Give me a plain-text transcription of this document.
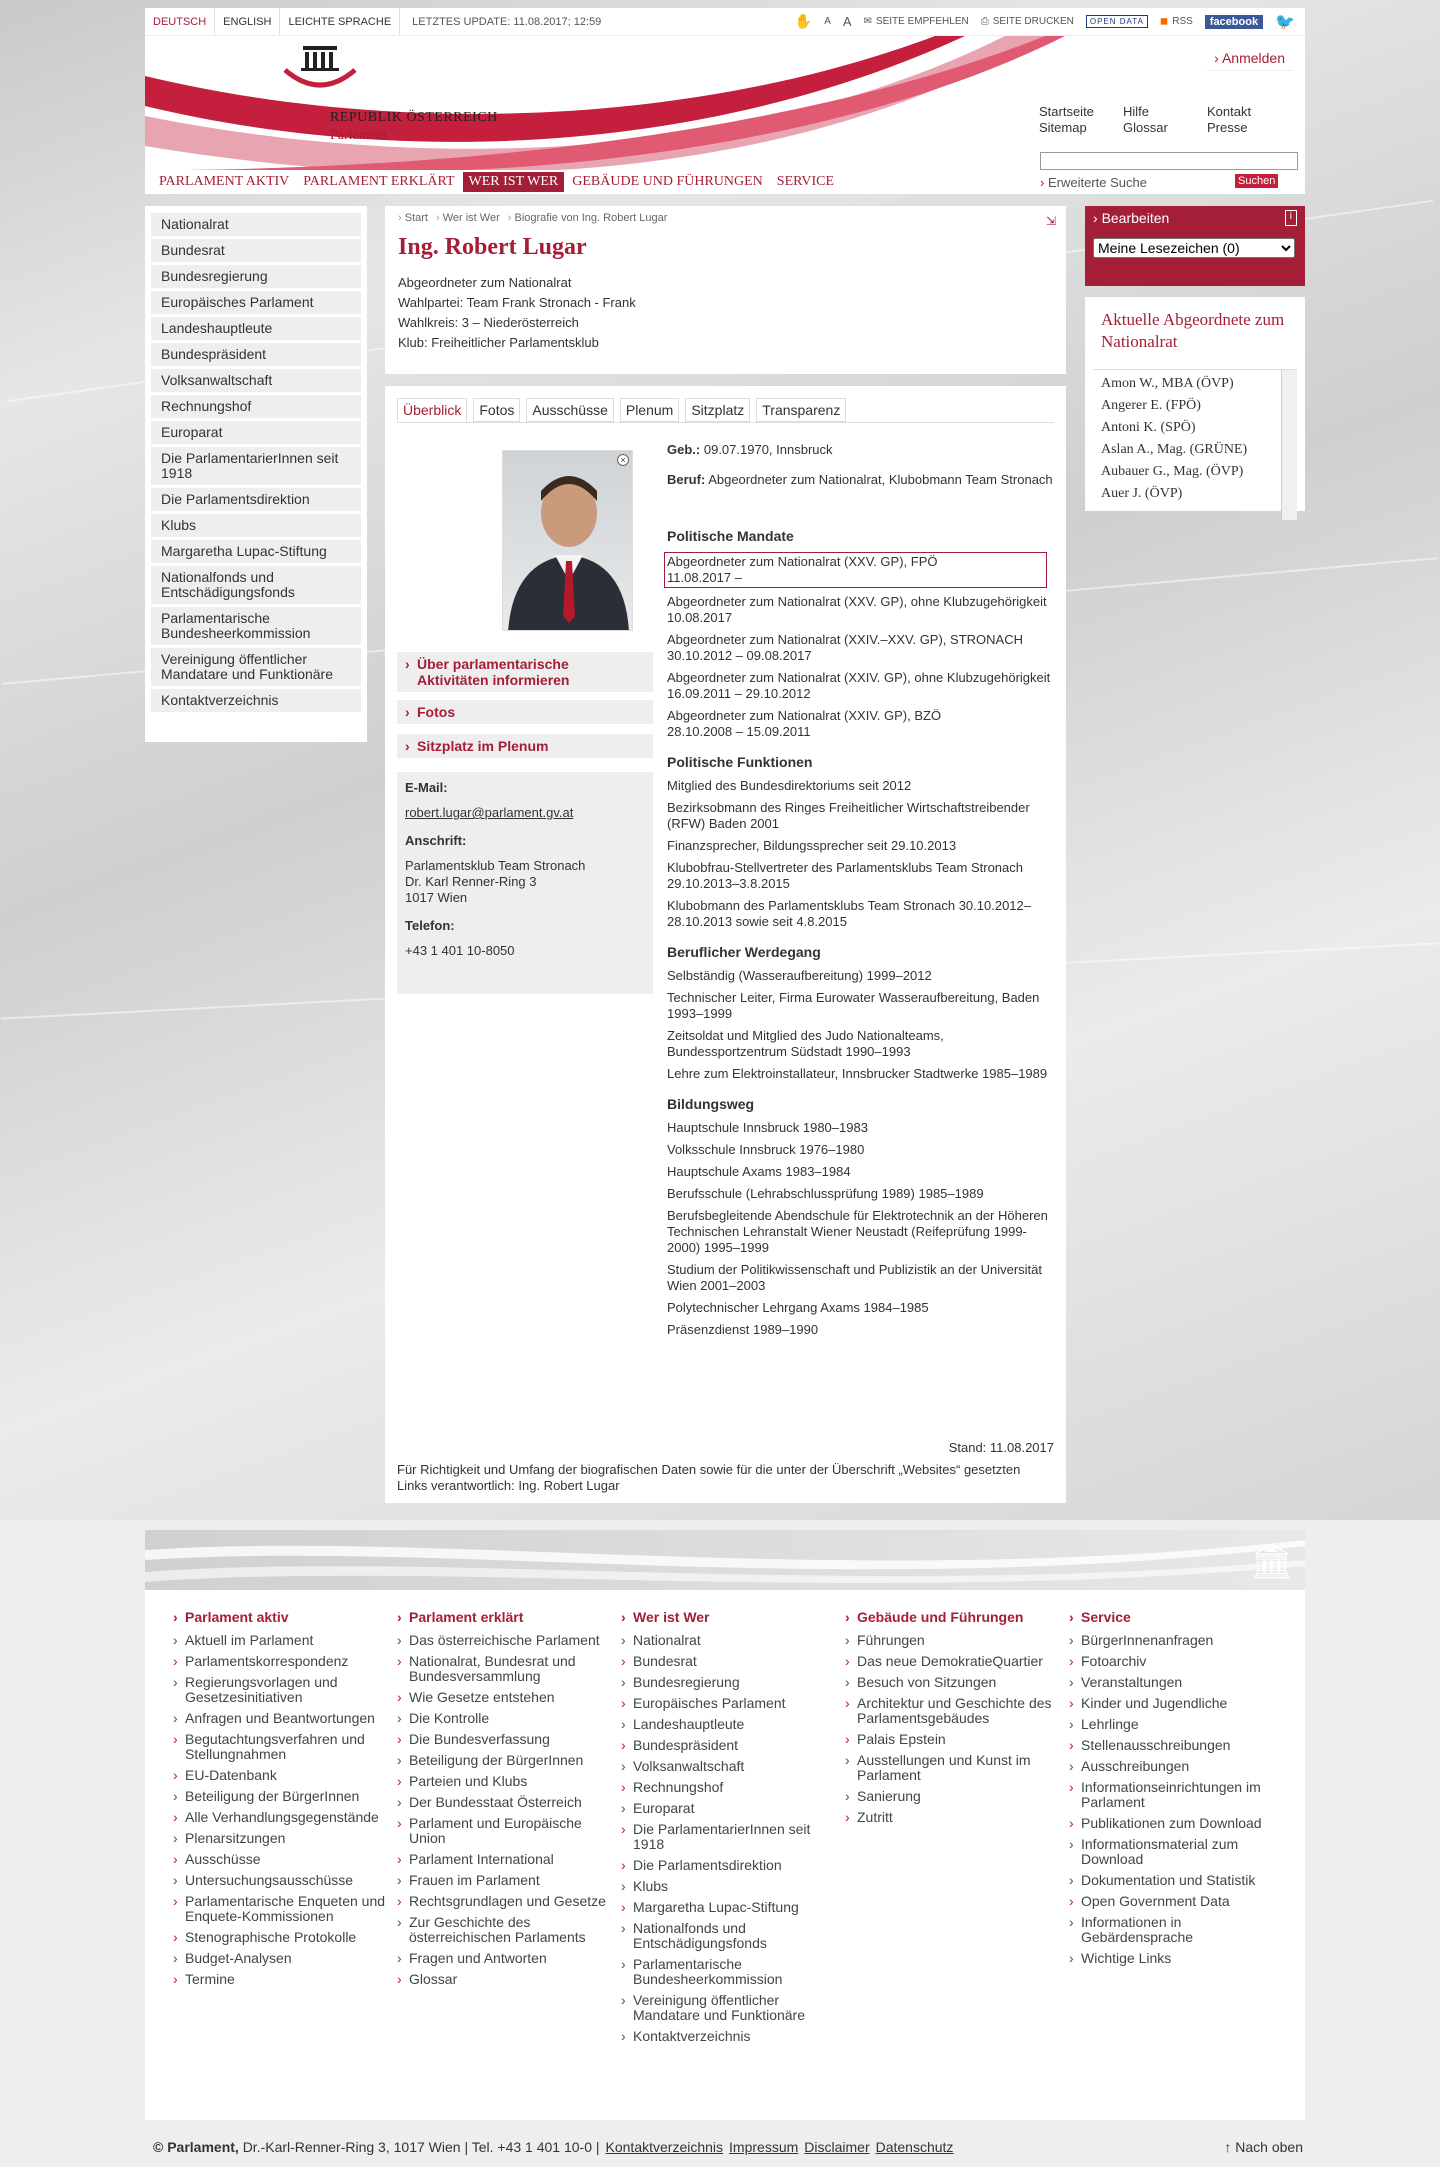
DEUTSCH	ENGLISH	LEICHTE SPRACHE	LETZTES UPDATE: 11.08.2017; 12:59	✋ A A ✉ SEITE EMPFEHLEN ⎙ SEITE DRUCKEN	OPEN DATA	◼ RSS	facebook	🐦
REPUBLIK ÖSTERREICH
Parlament
› Anmelden
Startseite	Hilfe	Kontakt
Sitemap	Glossar	Presse
PARLAMENT AKTIV	PARLAMENT ERKLÄRT	WER IST WER	GEBÄUDE UND FÜHRUNGEN	SERVICE	› Erweiterte Suche	Suchen
Nationalrat
Bundesrat
Bundesregierung
Europäisches Parlament
Landeshauptleute
Bundespräsident
Volksanwaltschaft
Rechnungshof
Europarat
Die ParlamentarierInnen seit 1918
Die Parlamentsdirektion
Klubs
Margaretha Lupac-Stiftung
Nationalfonds und Entschädigungsfonds
Parlamentarische Bundesheerkommission
Vereinigung öffentlicher Mandatare und Funktionäre
Kontaktverzeichnis
› Start	› Wer ist Wer	› Biografie von Ing. Robert Lugar	⇲
Ing. Robert Lugar
Abgeordneter zum Nationalrat
Wahlpartei: Team Frank Stronach - Frank
Wahlkreis: 3 – Niederösterreich
Klub: Freiheitlicher Parlamentsklub
Überblick	Fotos	Ausschüsse	Plenum	Sitzplatz	Transparenz
×
› Über parlamentarische Aktivitäten informieren
› Fotos
› Sitzplatz im Plenum
E-Mail:
robert.lugar@parlament.gv.at
Anschrift:
Parlamentsklub Team Stronach
Dr. Karl Renner-Ring 3
1017 Wien
Telefon:
+43 1 401 10-8050
Geb.: 09.07.1970, Innsbruck
Beruf: Abgeordneter zum Nationalrat, Klubobmann Team Stronach
Politische Mandate
Abgeordneter zum Nationalrat (XXV. GP), FPÖ
11.08.2017 –
Abgeordneter zum Nationalrat (XXV. GP), ohne Klubzugehörigkeit
10.08.2017
Abgeordneter zum Nationalrat (XXIV.–XXV. GP), STRONACH
30.10.2012 – 09.08.2017
Abgeordneter zum Nationalrat (XXIV. GP), ohne Klubzugehörigkeit
16.09.2011 – 29.10.2012
Abgeordneter zum Nationalrat (XXIV. GP), BZÖ
28.10.2008 – 15.09.2011
Politische Funktionen
Mitglied des Bundesdirektoriums seit 2012
Bezirksobmann des Ringes Freiheitlicher Wirtschaftstreibender (RFW) Baden 2001
Finanzsprecher, Bildungssprecher seit 29.10.2013
Klubobfrau-Stellvertreter des Parlamentsklubs Team Stronach 29.10.2013–3.8.2015
Klubobmann des Parlamentsklubs Team Stronach 30.10.2012–28.10.2013 sowie seit 4.8.2015
Beruflicher Werdegang
Selbständig (Wasseraufbereitung) 1999–2012
Technischer Leiter, Firma Eurowater Wasseraufbereitung, Baden 1993–1999
Zeitsoldat und Mitglied des Judo Nationalteams, Bundessportzentrum Südstadt 1990–1993
Lehre zum Elektroinstallateur, Innsbrucker Stadtwerke 1985–1989
Bildungsweg
Hauptschule Innsbruck 1980–1983
Volksschule Innsbruck 1976–1980
Hauptschule Axams 1983–1984
Berufsschule (Lehrabschlussprüfung 1989) 1985–1989
Berufsbegleitende Abendschule für Elektrotechnik an der Höheren Technischen Lehranstalt Wiener Neustadt (Reifeprüfung 1999-2000) 1995–1999
Studium der Politikwissenschaft und Publizistik an der Universität Wien 2001–2003
Polytechnischer Lehrgang Axams 1984–1985
Präsenzdienst 1989–1990
Stand: 11.08.2017
Für Richtigkeit und Umfang der biografischen Daten sowie für die unter der Überschrift „Websites“ gesetzten Links verantwortlich: Ing. Robert Lugar
› Bearbeiten	i
Meine Lesezeichen (0)
Aktuelle Abgeordnete zum Nationalrat
Amon W., MBA (ÖVP)
Angerer E. (FPÖ)
Antoni K. (SPÖ)
Aslan A., Mag. (GRÜNE)
Aubauer G., Mag. (ÖVP)
Auer J. (ÖVP)
🏛
› Parlament aktiv
› Aktuell im Parlament
› Parlamentskorrespondenz
› Regierungsvorlagen und Gesetzesinitiativen
› Anfragen und Beantwortungen
› Begutachtungsverfahren und Stellungnahmen
› EU-Datenbank
› Beteiligung der BürgerInnen
› Alle Verhandlungsgegenstände
› Plenarsitzungen
› Ausschüsse
› Untersuchungsausschüsse
› Parlamentarische Enqueten und Enquete-Kommissionen
› Stenographische Protokolle
› Budget-Analysen
› Termine
› Parlament erklärt
› Das österreichische Parlament
› Nationalrat, Bundesrat und Bundesversammlung
› Wie Gesetze entstehen
› Die Kontrolle
› Die Bundesverfassung
› Beteiligung der BürgerInnen
› Parteien und Klubs
› Der Bundesstaat Österreich
› Parlament und Europäische Union
› Parlament International
› Frauen im Parlament
› Rechtsgrundlagen und Gesetze
› Zur Geschichte des österreichischen Parlaments
› Fragen und Antworten
› Glossar
› Wer ist Wer
› Nationalrat
› Bundesrat
› Bundesregierung
› Europäisches Parlament
› Landeshauptleute
› Bundespräsident
› Volksanwaltschaft
› Rechnungshof
› Europarat
› Die ParlamentarierInnen seit 1918
› Die Parlamentsdirektion
› Klubs
› Margaretha Lupac-Stiftung
› Nationalfonds und Entschädigungsfonds
› Parlamentarische Bundesheerkommission
› Vereinigung öffentlicher Mandatare und Funktionäre
› Kontaktverzeichnis
› Gebäude und Führungen
› Führungen
› Das neue DemokratieQuartier
› Besuch von Sitzungen
› Architektur und Geschichte des Parlamentsgebäudes
› Palais Epstein
› Ausstellungen und Kunst im Parlament
› Sanierung
› Zutritt
› Service
› BürgerInnenanfragen
› Fotoarchiv
› Veranstaltungen
› Kinder und Jugendliche
› Lehrlinge
› Stellenausschreibungen
› Ausschreibungen
› Informationseinrichtungen im Parlament
› Publikationen zum Download
› Informationsmaterial zum Download
› Dokumentation und Statistik
› Open Government Data
› Informationen in Gebärdensprache
› Wichtige Links
© Parlament, Dr.-Karl-Renner-Ring 3, 1017 Wien | Tel. +43 1 401 10-0 | Kontaktverzeichnis Impressum Disclaimer Datenschutz	↑ Nach oben
